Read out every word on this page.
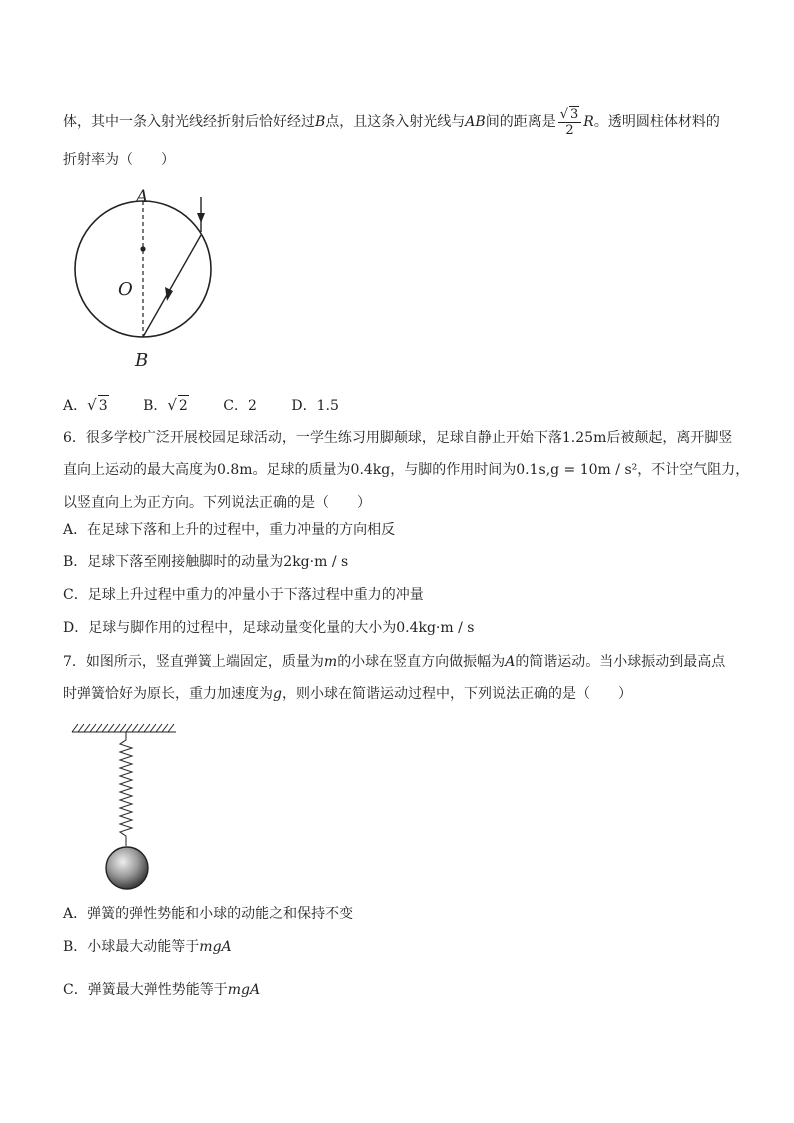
体，其中一条入射光线经折射后恰好经过B点，且这条入射光线与AB间的距离是 $\frac{√ 3}{2}$ R。透明圆柱体材料的
折射率为（　　）
A
O
B
A．√ 3	B．√ 2	C．2 D．1.5
6．很多学校广泛开展校园足球活动，一学生练习用脚颠球，足球自静止开始下落1.25m后被颠起，离开脚竖
直向上运动的最大高度为0.8m。足球的质量为0.4kg，与脚的作用时间为0.1s,g = 10m / s²，不计空气阻力，
以竖直向上为正方向。下列说法正确的是（　　）
A．在足球下落和上升的过程中，重力冲量的方向相反
B．足球下落至刚接触脚时的动量为2kg·m / s
C．足球上升过程中重力的冲量小于下落过程中重力的冲量
D．足球与脚作用的过程中，足球动量变化量的大小为0.4kg·m / s
7．如图所示，竖直弹簧上端固定，质量为m的小球在竖直方向做振幅为A的简谐运动。当小球振动到最高点
时弹簧恰好为原长，重力加速度为g，则小球在简谐运动过程中，下列说法正确的是（　　）
A．弹簧的弹性势能和小球的动能之和保持不变
B．小球最大动能等于mgA
C．弹簧最大弹性势能等于mgA
